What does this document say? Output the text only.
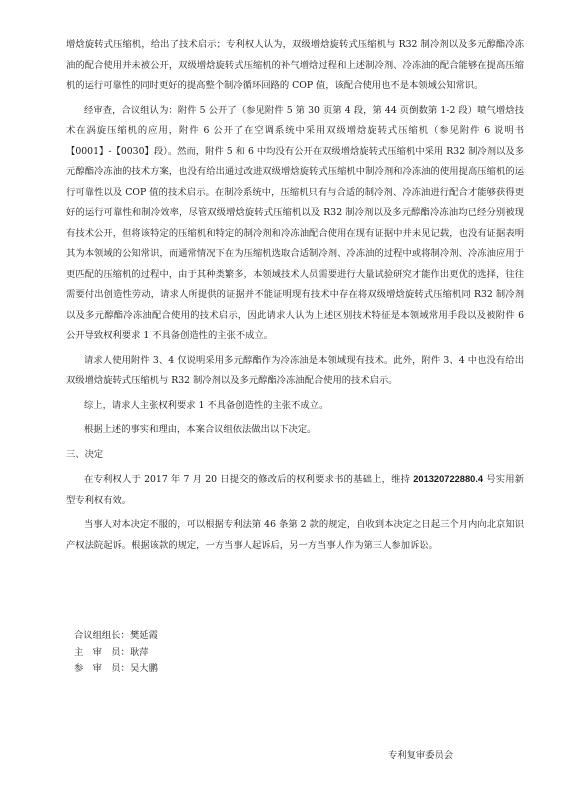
增焓旋转式压缩机，给出了技术启示；专利权人认为，双级增焓旋转式压缩机与 R32 制冷剂以及多元醇酯冷冻油的配合使用并未被公开，双级增焓旋转式压缩机的补气增焓过程和上述制冷剂、冷冻油的配合能够在提高压缩机的运行可靠性的同时更好的提高整个制冷循环回路的 COP 值，该配合使用也不是本领域公知常识。

经审查，合议组认为：附件 5 公开了（参见附件 5 第 30 页第 4 段，第 44 页倒数第 1-2 段）喷气增焓技术在涡旋压缩机的应用，附件 6 公开了在空调系统中采用双级增焓旋转式压缩机（参见附件 6 说明书【0001】-【0030】段）。然而，附件 5 和 6 中均没有公开在双级增焓旋转式压缩机中采用 R32 制冷剂以及多元醇酯冷冻油的技术方案，也没有给出通过改进双级增焓旋转式压缩机中制冷剂和冷冻油的使用提高压缩机的运行可靠性以及 COP 值的技术启示。在制冷系统中，压缩机只有与合适的制冷剂、冷冻油进行配合才能够获得更好的运行可靠性和制冷效率，尽管双级增焓旋转式压缩机以及 R32 制冷剂以及多元醇酯冷冻油均已经分别被现有技术公开，但将该特定的压缩机和特定的制冷剂和冷冻油配合使用在现有证据中并未见记载，也没有证据表明其为本领域的公知常识，而通常情况下在为压缩机选取合适制冷剂、冷冻油的过程中或将制冷剂、冷冻油应用于更匹配的压缩机的过程中，由于其种类繁多，本领域技术人员需要进行大量试验研究才能作出更优的选择，往往需要付出创造性劳动，请求人所提供的证据并不能证明现有技术中存在将双级增焓旋转式压缩机同 R32 制冷剂以及多元醇酯冷冻油配合使用的技术启示，因此请求人认为上述区别技术特征是本领域常用手段以及被附件 6 公开导致权利要求 1 不具备创造性的主张不成立。

请求人使用附件 3、4 仅说明采用多元醇酯作为冷冻油是本领域现有技术。此外，附件 3、4 中也没有给出双级增焓旋转式压缩机与 R32 制冷剂以及多元醇酯冷冻油配合使用的技术启示。

综上，请求人主张权利要求 1 不具备创造性的主张不成立。

根据上述的事实和理由，本案合议组依法做出以下决定。

三、决定

在专利权人于 2017 年 7 月 20 日提交的修改后的权利要求书的基础上，维持 201320722880.4 号实用新型专利权有效。

当事人对本决定不服的，可以根据专利法第 46 条第 2 款的规定，自收到本决定之日起三个月内向北京知识产权法院起诉。根据该款的规定，一方当事人起诉后，另一方当事人作为第三人参加诉讼。

合议组组长： 樊延霞
主　审　员： 耿萍
参　审　员： 吴大鹏
专利复审委员会
